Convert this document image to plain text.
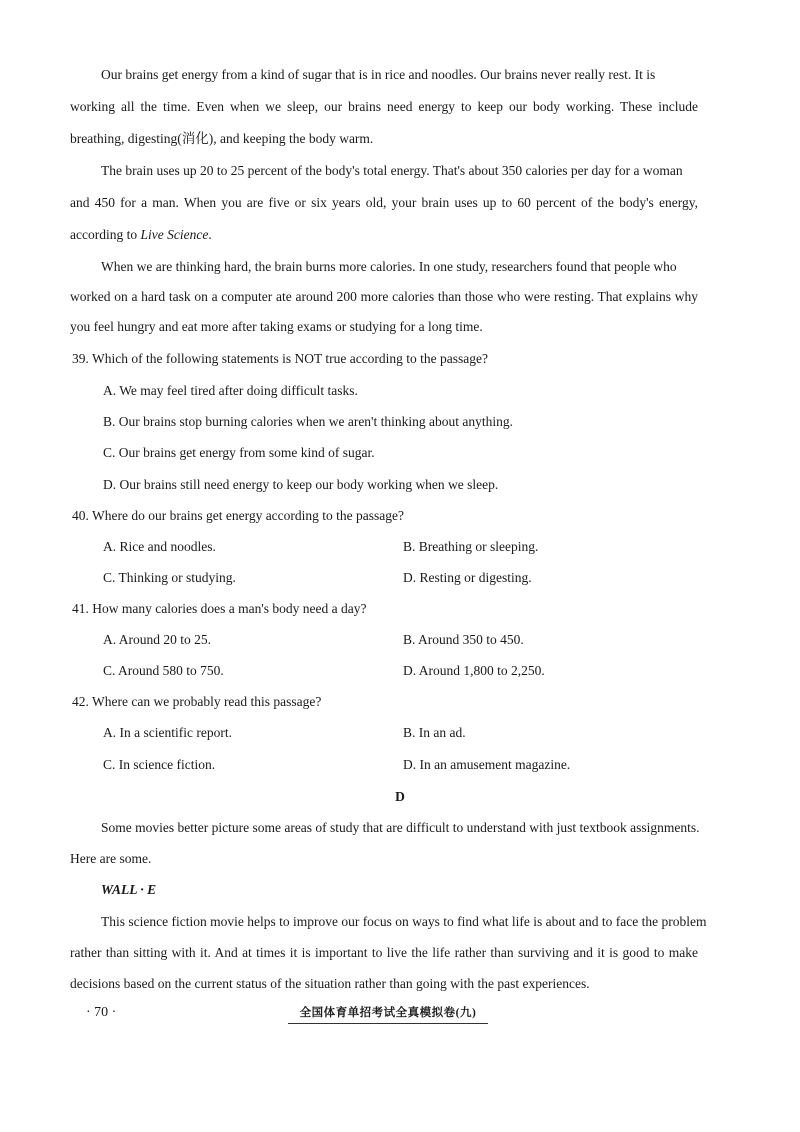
Our brains get energy from a kind of sugar that is in rice and noodles. Our brains never really rest. It is
working all the time. Even when we sleep, our brains need energy to keep our body working. These include
breathing, digesting(消化), and keeping the body warm.
The brain uses up 20 to 25 percent of the body's total energy. That's about 350 calories per day for a woman
and 450 for a man. When you are five or six years old, your brain uses up to 60 percent of the body's energy,
according to Live Science.
When we are thinking hard, the brain burns more calories. In one study, researchers found that people who
worked on a hard task on a computer ate around 200 more calories than those who were resting. That explains why
you feel hungry and eat more after taking exams or studying for a long time.
39. Which of the following statements is NOT true according to the passage?
A. We may feel tired after doing difficult tasks.
B. Our brains stop burning calories when we aren't thinking about anything.
C. Our brains get energy from some kind of sugar.
D. Our brains still need energy to keep our body working when we sleep.
40. Where do our brains get energy according to the passage?
A. Rice and noodles.	B. Breathing or sleeping.
C. Thinking or studying.	D. Resting or digesting.
41. How many calories does a man's body need a day?
A. Around 20 to 25.	B. Around 350 to 450.
C. Around 580 to 750.	D. Around 1,800 to 2,250.
42. Where can we probably read this passage?
A. In a scientific report.	B. In an ad.
C. In science fiction.	D. In an amusement magazine.
D
Some movies better picture some areas of study that are difficult to understand with just textbook assignments.
Here are some.
WALL · E
This science fiction movie helps to improve our focus on ways to find what life is about and to face the problem
rather than sitting with it. And at times it is important to live the life rather than surviving and it is good to make
decisions based on the current status of the situation rather than going with the past experiences.
· 70 ·	全国体育单招考试全真模拟卷(九)
